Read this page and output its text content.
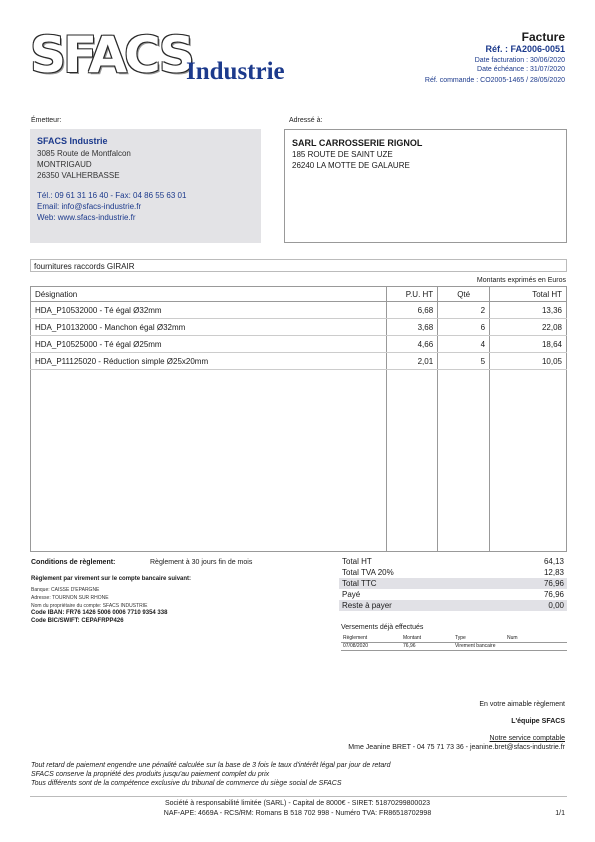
SFACS
Industrie
Facture
Réf. : FA2006-0051
Date facturation : 30/06/2020
Date échéance : 31/07/2020
Réf. commande : CO2005-1465 / 28/05/2020
Émetteur:
SFACS Industrie
3085 Route de Montfalcon
MONTRIGAUD
26350 VALHERBASSE
Tél.: 09 61 31 16 40 - Fax: 04 86 55 63 01
Email: info@sfacs-industrie.fr
Web: www.sfacs-industrie.fr
Adressé à:
SARL CARROSSERIE RIGNOL
185 ROUTE DE SAINT UZE
26240 LA MOTTE DE GALAURE
fournitures raccords GIRAIR
Montants exprimés en Euros
Désignation	P.U. HT	Qté	Total HT
HDA_P10532000 - Té égal Ø32mm	6,68	2	13,36
HDA_P10132000 - Manchon égal Ø32mm	3,68	6	22,08
HDA_P10525000 - Té égal Ø25mm	4,66	4	18,64
HDA_P11125020 - Réduction simple Ø25x20mm	2,01	5	10,05

Conditions de règlement:	Règlement à 30 jours fin de mois
Règlement par virement sur le compte bancaire suivant:
Banque: CAISSE D'EPARGNE
Adresse: TOURNON SUR RHONE
Nom du propriétaire du compte: SFACS INDUSTRIE
Code IBAN: FR76 1426 5006 0006 7710 9354 338
Code BIC/SWIFT: CEPAFRPP426
Total HT	64,13
Total TVA 20%	12,83
Total TTC	76,96
Payé	76,96
Reste à payer	0,00
Versements déjà effectués
Règlement	Montant	Type	Num
07/08/2020	76,96	Virement bancaire	
En votre aimable règlement
L'équipe SFACS
Notre service comptable
Mme Jeanine BRET - 04 75 71 73 36 - jeanine.bret@sfacs-industrie.fr
Tout retard de paiement engendre une pénalité calculée sur la base de 3 fois le taux d'intérêt légal par jour de retard
SFACS conserve la propriété des produits jusqu'au paiement complet du prix
Tous différents sont de la compétence exclusive du tribunal de commerce du siège social de SFACS
Société à responsabilité limitée (SARL) - Capital de 8000€ - SIRET: 51870299800023
NAF-APE: 4669A - RCS/RM: Romans B 518 702 998 - Numéro TVA: FR86518702998	1/1
